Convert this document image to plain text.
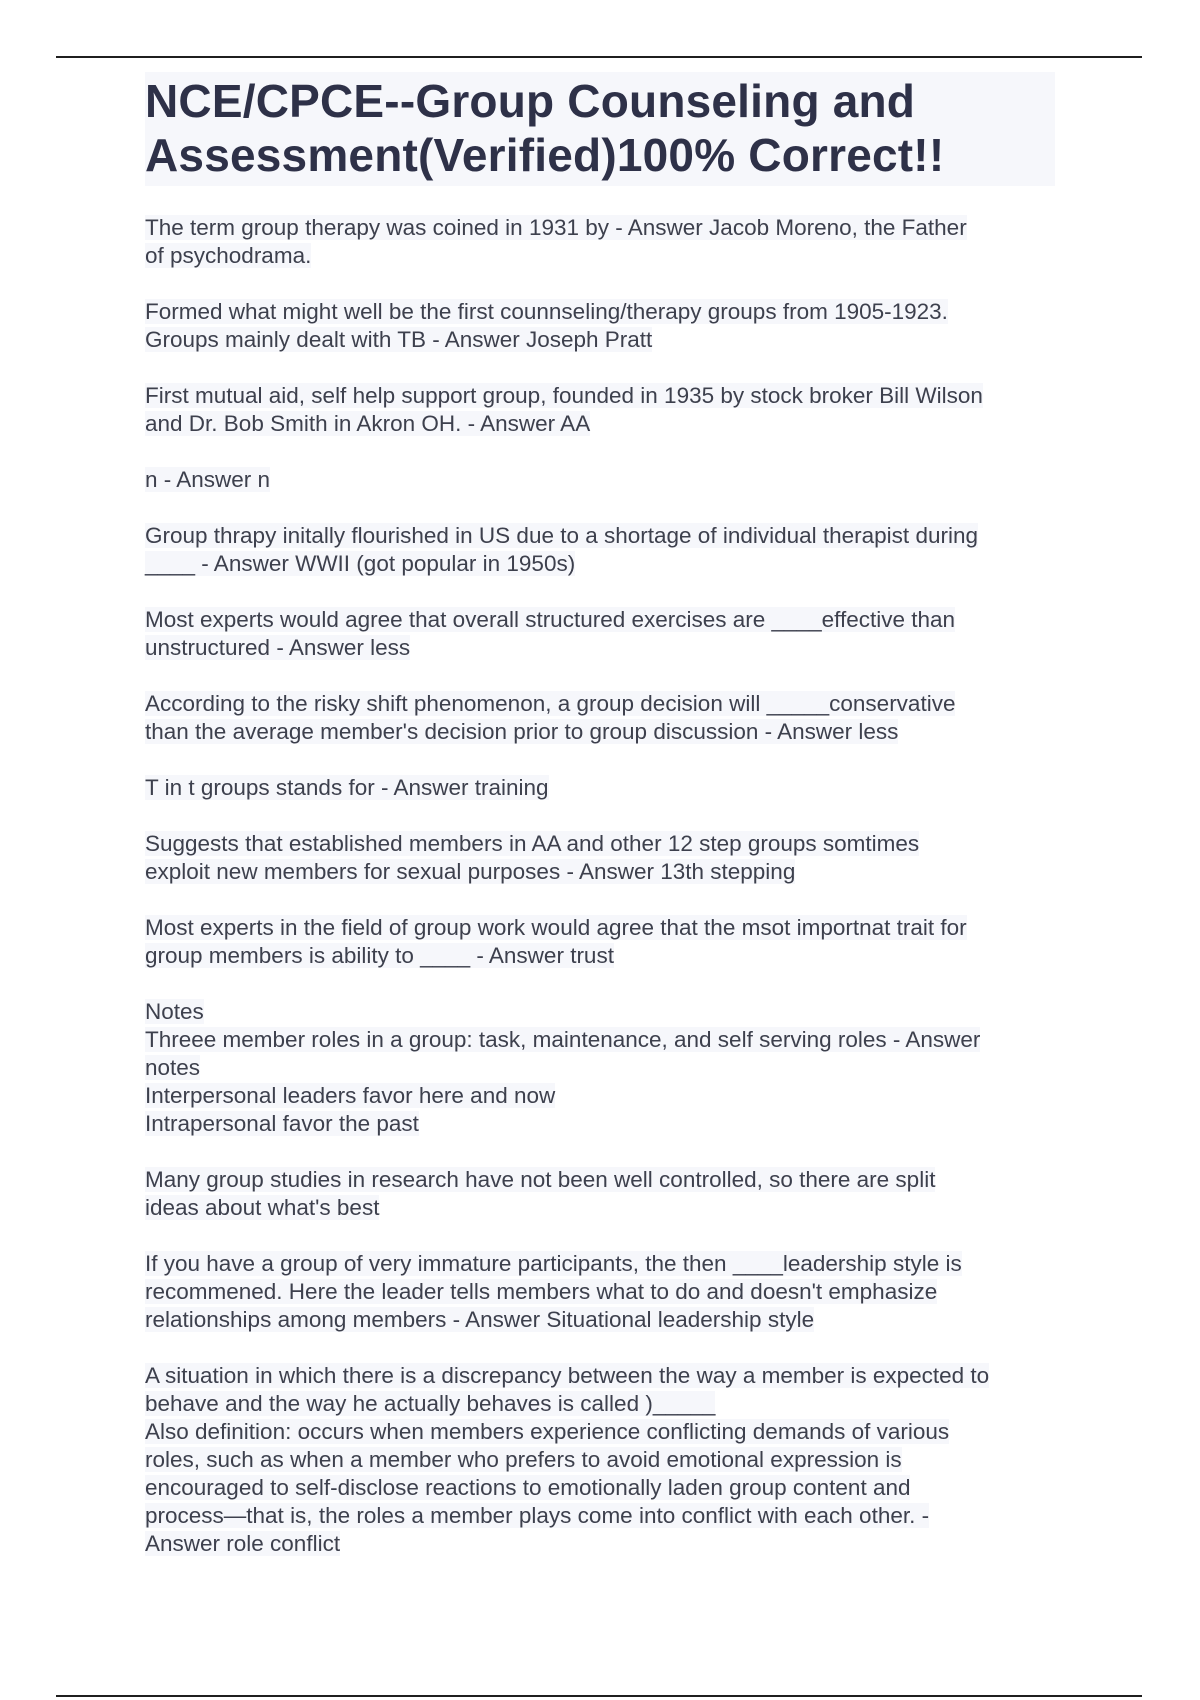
NCE/CPCE--Group Counseling and
Assessment(Verified)100% Correct!!

The term group therapy was coined in 1931 by - Answer Jacob Moreno, the Father
of psychodrama.

Formed what might well be the first counnseling/therapy groups from 1905-1923.
Groups mainly dealt with TB - Answer Joseph Pratt

First mutual aid, self help support group, founded in 1935 by stock broker Bill Wilson
and Dr. Bob Smith in Akron OH. - Answer AA

n - Answer n

Group thrapy initally flourished in US due to a shortage of individual therapist during
____ - Answer WWII (got popular in 1950s)

Most experts would agree that overall structured exercises are ____effective than
unstructured - Answer less

According to the risky shift phenomenon, a group decision will _____conservative
than the average member's decision prior to group discussion - Answer less

T in t groups stands for - Answer training

Suggests that established members in AA and other 12 step groups somtimes
exploit new members for sexual purposes - Answer 13th stepping

Most experts in the field of group work would agree that the msot importnat trait for
group members is ability to ____ - Answer trust

Notes
Threee member roles in a group: task, maintenance, and self serving roles - Answer
notes
Interpersonal leaders favor here and now
Intrapersonal favor the past

Many group studies in research have not been well controlled, so there are split
ideas about what's best

If you have a group of very immature participants, the then ____leadership style is
recommened. Here the leader tells members what to do and doesn't emphasize
relationships among members - Answer Situational leadership style

A situation in which there is a discrepancy between the way a member is expected to
behave and the way he actually behaves is called )_____
Also definition: occurs when members experience conflicting demands of various
roles, such as when a member who prefers to avoid emotional expression is
encouraged to self-disclose reactions to emotionally laden group content and
process—that is, the roles a member plays come into conflict with each other. -
Answer role conflict
